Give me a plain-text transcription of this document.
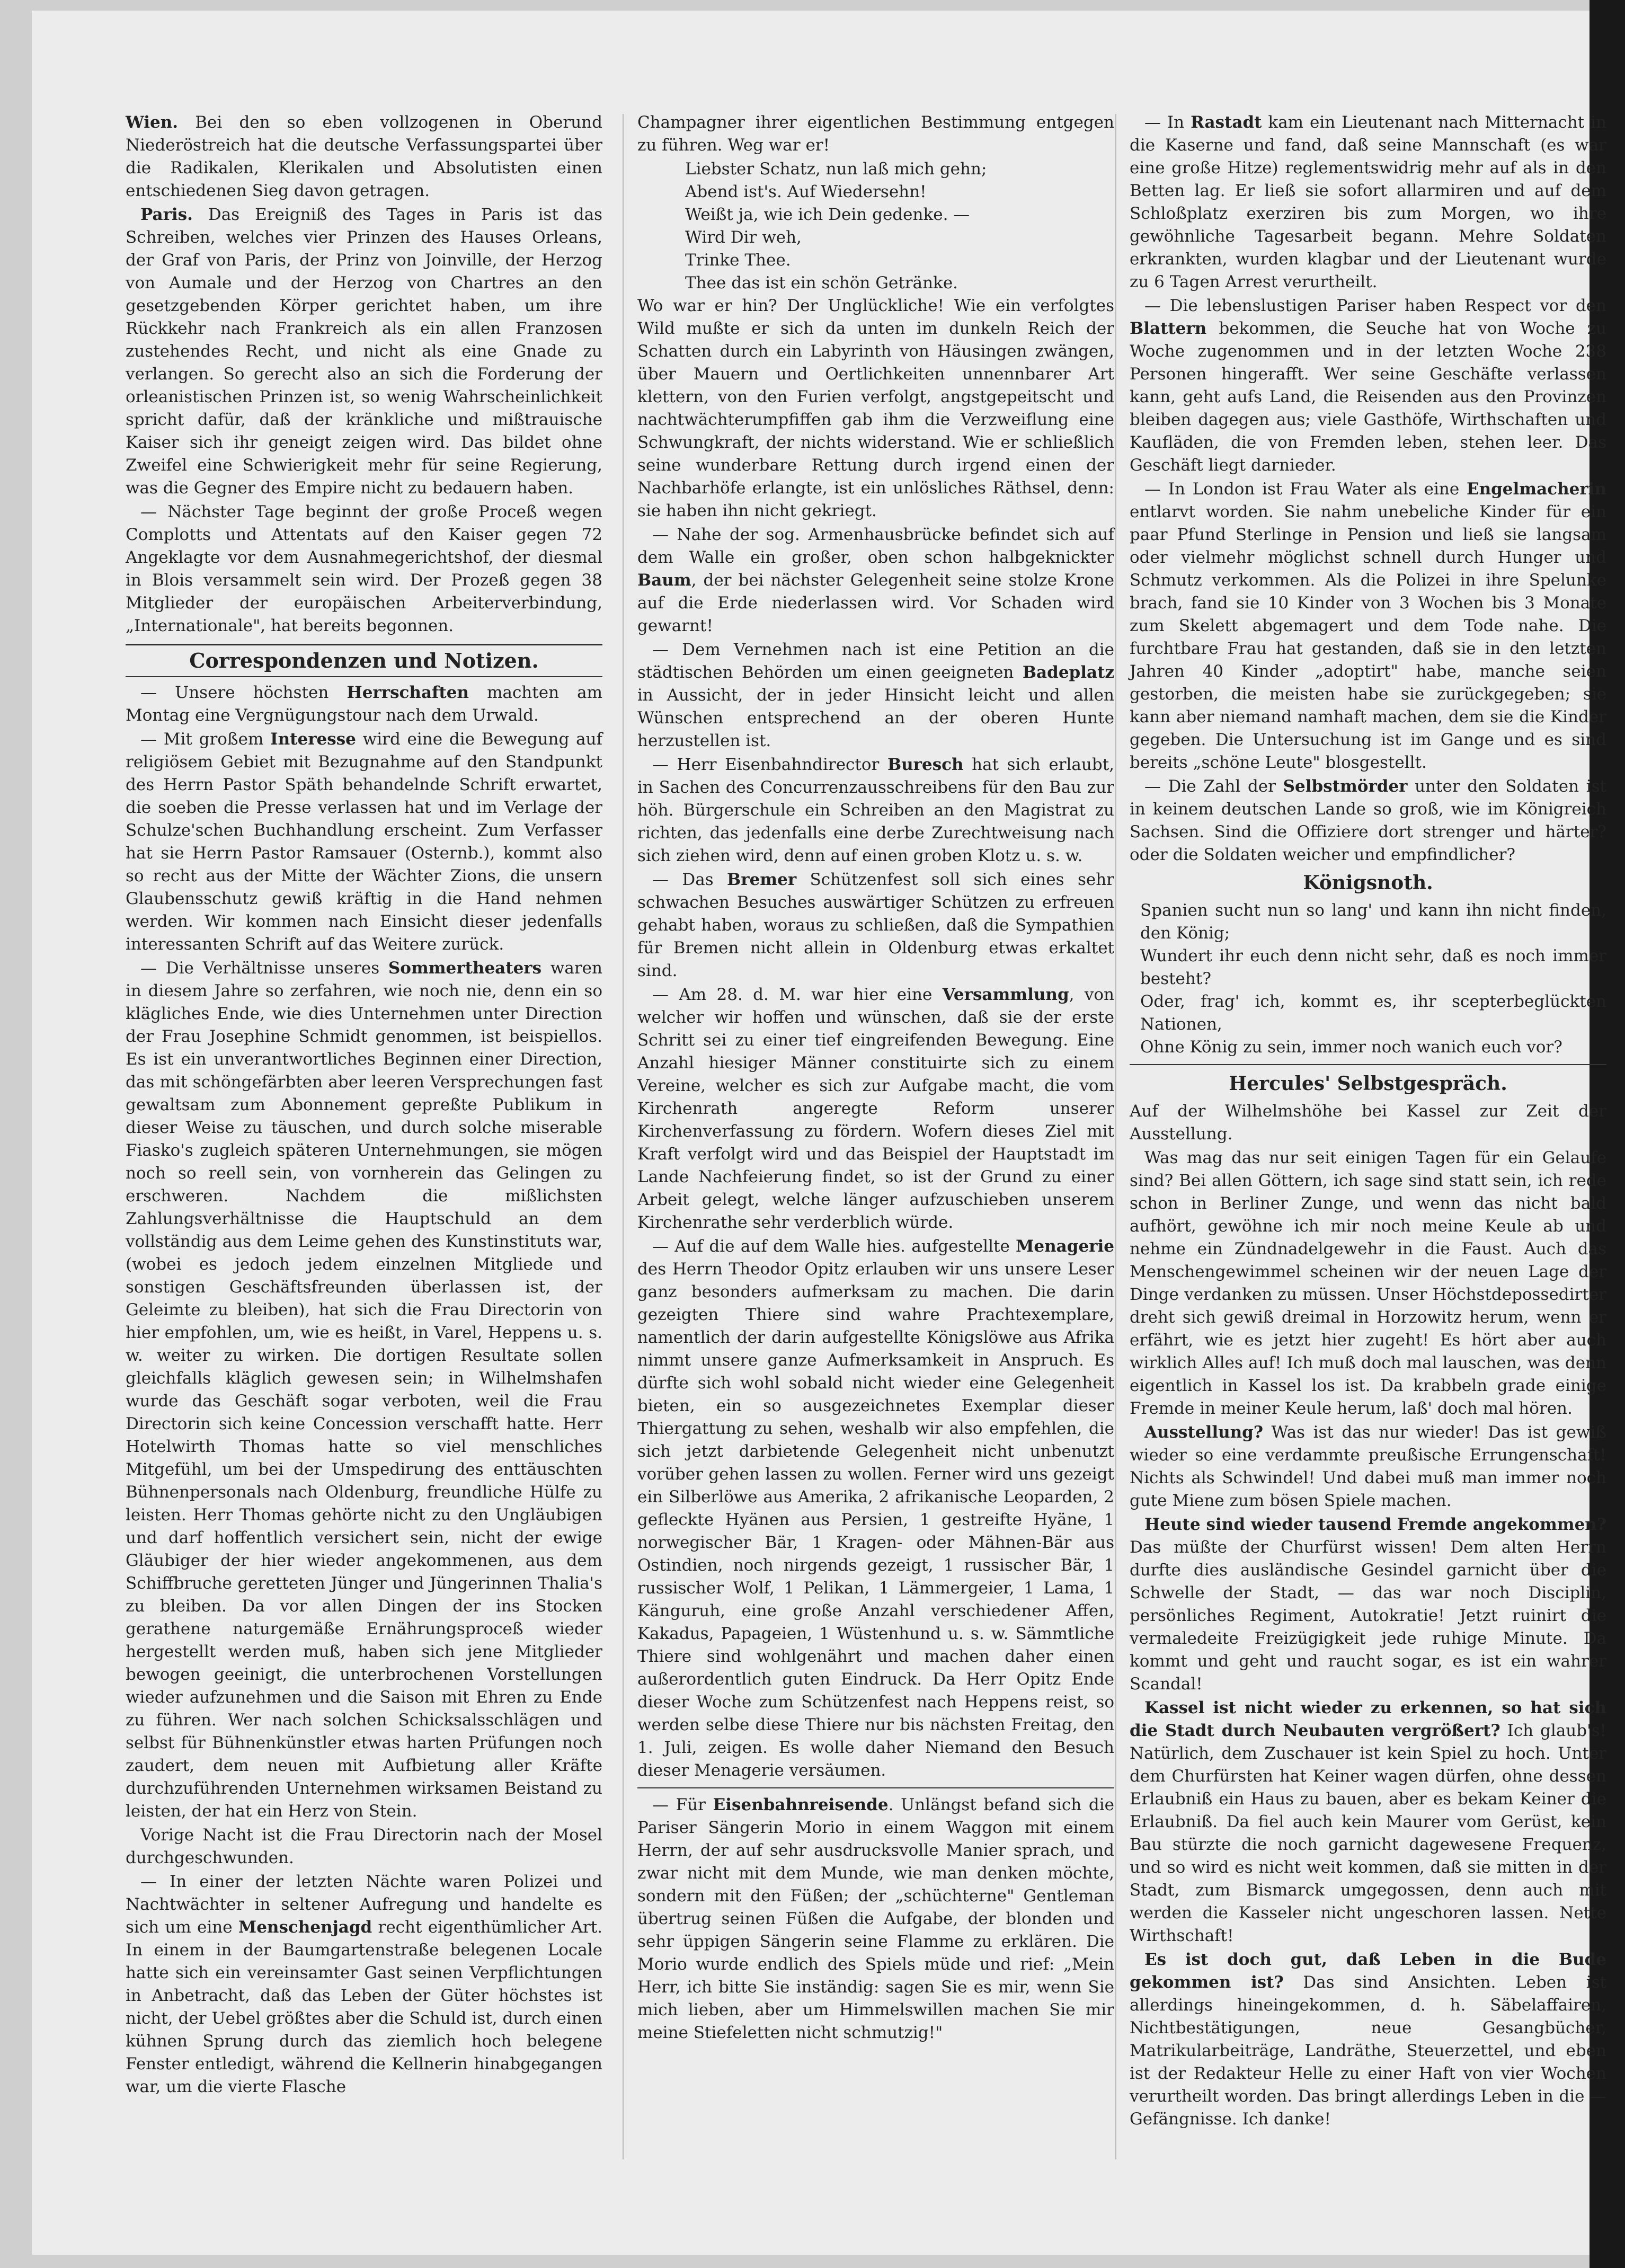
Wien. Bei den so eben vollzogenen in Oberund Niederöstreich hat die deutsche Verfassungspartei über die Radikalen, Klerikalen und Absolutisten einen entschiedenen Sieg davon getragen.

Paris. Das Ereigniß des Tages in Paris ist das Schreiben, welches vier Prinzen des Hauses Orleans, der Graf von Paris, der Prinz von Joinville, der Herzog von Aumale und der Herzog von Chartres an den gesetzgebenden Körper gerichtet haben, um ihre Rückkehr nach Frankreich als ein allen Franzosen zustehendes Recht, und nicht als eine Gnade zu verlangen. So gerecht also an sich die Forderung der orleanistischen Prinzen ist, so wenig Wahrscheinlichkeit spricht dafür, daß der kränkliche und mißtrauische Kaiser sich ihr geneigt zeigen wird. Das bildet ohne Zweifel eine Schwierigkeit mehr für seine Regierung, was die Gegner des Empire nicht zu bedauern haben.

— Nächster Tage beginnt der große Proceß wegen Complotts und Attentats auf den Kaiser gegen 72 Angeklagte vor dem Ausnahmegerichtshof, der diesmal in Blois versammelt sein wird. Der Prozeß gegen 38 Mitglieder der europäischen Arbeiterverbindung, „Internationale", hat bereits begonnen.

Correspondenzen und Notizen.

— Unsere höchsten Herrschaften machten am Montag eine Vergnügungstour nach dem Urwald.

— Mit großem Interesse wird eine die Bewegung auf religiösem Gebiet mit Bezugnahme auf den Standpunkt des Herrn Pastor Späth behandelnde Schrift erwartet, die soeben die Presse verlassen hat und im Verlage der Schulze'schen Buchhandlung erscheint. Zum Verfasser hat sie Herrn Pastor Ramsauer (Osternb.), kommt also so recht aus der Mitte der Wächter Zions, die unsern Glaubensschutz gewiß kräftig in die Hand nehmen werden. Wir kommen nach Einsicht dieser jedenfalls interessanten Schrift auf das Weitere zurück.

— Die Verhältnisse unseres Sommertheaters waren in diesem Jahre so zerfahren, wie noch nie, denn ein so klägliches Ende, wie dies Unternehmen unter Direction der Frau Josephine Schmidt genommen, ist beispiellos. Es ist ein unverantwortliches Beginnen einer Direction, das mit schöngefärbten aber leeren Versprechungen fast gewaltsam zum Abonnement gepreßte Publikum in dieser Weise zu täuschen, und durch solche miserable Fiasko's zugleich späteren Unternehmungen, sie mögen noch so reell sein, von vornherein das Gelingen zu erschweren. Nachdem die mißlichsten Zahlungsverhältnisse die Hauptschuld an dem vollständig aus dem Leime gehen des Kunstinstituts war, (wobei es jedoch jedem einzelnen Mitgliede und sonstigen Geschäftsfreunden überlassen ist, der Geleimte zu bleiben), hat sich die Frau Directorin von hier empfohlen, um, wie es heißt, in Varel, Heppens u. s. w. weiter zu wirken. Die dortigen Resultate sollen gleichfalls kläglich gewesen sein; in Wilhelmshafen wurde das Geschäft sogar verboten, weil die Frau Directorin sich keine Concession verschafft hatte. Herr Hotelwirth Thomas hatte so viel menschliches Mitgefühl, um bei der Umspedirung des enttäuschten Bühnenpersonals nach Oldenburg, freundliche Hülfe zu leisten. Herr Thomas gehörte nicht zu den Ungläubigen und darf hoffentlich versichert sein, nicht der ewige Gläubiger der hier wieder angekommenen, aus dem Schiffbruche geretteten Jünger und Jüngerinnen Thalia's zu bleiben. Da vor allen Dingen der ins Stocken gerathene naturgemäße Ernährungsproceß wieder hergestellt werden muß, haben sich jene Mitglieder bewogen geeinigt, die unterbrochenen Vorstellungen wieder aufzunehmen und die Saison mit Ehren zu Ende zu führen. Wer nach solchen Schicksalsschlägen und selbst für Bühnenkünstler etwas harten Prüfungen noch zaudert, dem neuen mit Aufbietung aller Kräfte durchzuführenden Unternehmen wirksamen Beistand zu leisten, der hat ein Herz von Stein.

Vorige Nacht ist die Frau Directorin nach der Mosel durchgeschwunden.

— In einer der letzten Nächte waren Polizei und Nachtwächter in seltener Aufregung und handelte es sich um eine Menschenjagd recht eigenthümlicher Art. In einem in der Baumgartenstraße belegenen Locale hatte sich ein vereinsamter Gast seinen Verpflichtungen in Anbetracht, daß das Leben der Güter höchstes ist nicht, der Uebel größtes aber die Schuld ist, durch einen kühnen Sprung durch das ziemlich hoch belegene Fenster entledigt, während die Kellnerin hinabgegangen war, um die vierte Flasche

Champagner ihrer eigentlichen Bestimmung entgegen zu führen. Weg war er!

Liebster Schatz, nun laß mich gehn;

Abend ist's. Auf Wiedersehn!

Weißt ja, wie ich Dein gedenke. —

Wird Dir weh,

Trinke Thee.

Thee das ist ein schön Getränke.

Wo war er hin? Der Unglückliche! Wie ein verfolgtes Wild mußte er sich da unten im dunkeln Reich der Schatten durch ein Labyrinth von Häusingen zwängen, über Mauern und Oertlichkeiten unnennbarer Art klettern, von den Furien verfolgt, angstgepeitscht und nachtwächterumpfiffen gab ihm die Verzweiflung eine Schwungkraft, der nichts widerstand. Wie er schließlich seine wunderbare Rettung durch irgend einen der Nachbarhöfe erlangte, ist ein unlösliches Räthsel, denn: sie haben ihn nicht gekriegt.

— Nahe der sog. Armenhausbrücke befindet sich auf dem Walle ein großer, oben schon halbgeknickter Baum, der bei nächster Gelegenheit seine stolze Krone auf die Erde niederlassen wird. Vor Schaden wird gewarnt!

— Dem Vernehmen nach ist eine Petition an die städtischen Behörden um einen geeigneten Badeplatz in Aussicht, der in jeder Hinsicht leicht und allen Wünschen entsprechend an der oberen Hunte herzustellen ist.

— Herr Eisenbahndirector Buresch hat sich erlaubt, in Sachen des Concurrenzausschreibens für den Bau zur höh. Bürgerschule ein Schreiben an den Magistrat zu richten, das jedenfalls eine derbe Zurechtweisung nach sich ziehen wird, denn auf einen groben Klotz u. s. w.

— Das Bremer Schützenfest soll sich eines sehr schwachen Besuches auswärtiger Schützen zu erfreuen gehabt haben, woraus zu schließen, daß die Sympathien für Bremen nicht allein in Oldenburg etwas erkaltet sind.

— Am 28. d. M. war hier eine Versammlung, von welcher wir hoffen und wünschen, daß sie der erste Schritt sei zu einer tief eingreifenden Bewegung. Eine Anzahl hiesiger Männer constituirte sich zu einem Vereine, welcher es sich zur Aufgabe macht, die vom Kirchenrath angeregte Reform unserer Kirchenverfassung zu fördern. Wofern dieses Ziel mit Kraft verfolgt wird und das Beispiel der Hauptstadt im Lande Nachfeierung findet, so ist der Grund zu einer Arbeit gelegt, welche länger aufzuschieben unserem Kirchenrathe sehr verderblich würde.

— Auf die auf dem Walle hies. aufgestellte Menagerie des Herrn Theodor Opitz erlauben wir uns unsere Leser ganz besonders aufmerksam zu machen. Die darin gezeigten Thiere sind wahre Prachtexemplare, namentlich der darin aufgestellte Königslöwe aus Afrika nimmt unsere ganze Aufmerksamkeit in Anspruch. Es dürfte sich wohl sobald nicht wieder eine Gelegenheit bieten, ein so ausgezeichnetes Exemplar dieser Thiergattung zu sehen, weshalb wir also empfehlen, die sich jetzt darbietende Gelegenheit nicht unbenutzt vorüber gehen lassen zu wollen. Ferner wird uns gezeigt ein Silberlöwe aus Amerika, 2 afrikanische Leoparden, 2 gefleckte Hyänen aus Persien, 1 gestreifte Hyäne, 1 norwegischer Bär, 1 Kragen- oder Mähnen-Bär aus Ostindien, noch nirgends gezeigt, 1 russischer Bär, 1 russischer Wolf, 1 Pelikan, 1 Lämmergeier, 1 Lama, 1 Känguruh, eine große Anzahl verschiedener Affen, Kakadus, Papageien, 1 Wüstenhund u. s. w. Sämmtliche Thiere sind wohlgenährt und machen daher einen außerordentlich guten Eindruck. Da Herr Opitz Ende dieser Woche zum Schützenfest nach Heppens reist, so werden selbe diese Thiere nur bis nächsten Freitag, den 1. Juli, zeigen. Es wolle daher Niemand den Besuch dieser Menagerie versäumen.

— Für Eisenbahnreisende. Unlängst befand sich die Pariser Sängerin Morio in einem Waggon mit einem Herrn, der auf sehr ausdrucksvolle Manier sprach, und zwar nicht mit dem Munde, wie man denken möchte, sondern mit den Füßen; der „schüchterne" Gentleman übertrug seinen Füßen die Aufgabe, der blonden und sehr üppigen Sängerin seine Flamme zu erklären. Die Morio wurde endlich des Spiels müde und rief: „Mein Herr, ich bitte Sie inständig: sagen Sie es mir, wenn Sie mich lieben, aber um Himmelswillen machen Sie mir meine Stiefeletten nicht schmutzig!"

— In Rastadt kam ein Lieutenant nach Mitternacht in die Kaserne und fand, daß seine Mannschaft (es war eine große Hitze) reglementswidrig mehr auf als in den Betten lag. Er ließ sie sofort allarmiren und auf dem Schloßplatz exerziren bis zum Morgen, wo ihre gewöhnliche Tagesarbeit begann. Mehre Soldaten erkrankten, wurden klagbar und der Lieutenant wurde zu 6 Tagen Arrest verurtheilt.

— Die lebenslustigen Pariser haben Respect vor den Blattern bekommen, die Seuche hat von Woche zu Woche zugenommen und in der letzten Woche 238 Personen hingerafft. Wer seine Geschäfte verlassen kann, geht aufs Land, die Reisenden aus den Provinzen bleiben dagegen aus; viele Gasthöfe, Wirthschaften und Kaufläden, die von Fremden leben, stehen leer. Das Geschäft liegt darnieder.

— In London ist Frau Water als eine Engelmacherin entlarvt worden. Sie nahm unebeliche Kinder für ein paar Pfund Sterlinge in Pension und ließ sie langsam oder vielmehr möglichst schnell durch Hunger und Schmutz verkommen. Als die Polizei in ihre Spelunke brach, fand sie 10 Kinder von 3 Wochen bis 3 Monate zum Skelett abgemagert und dem Tode nahe. Die furchtbare Frau hat gestanden, daß sie in den letzten Jahren 40 Kinder „adoptirt" habe, manche seien gestorben, die meisten habe sie zurückgegeben; sie kann aber niemand namhaft machen, dem sie die Kinder gegeben. Die Untersuchung ist im Gange und es sind bereits „schöne Leute" blosgestellt.

— Die Zahl der Selbstmörder unter den Soldaten ist in keinem deutschen Lande so groß, wie im Königreich Sachsen. Sind die Offiziere dort strenger und härter? oder die Soldaten weicher und empfindlicher?

Königsnoth.

Spanien sucht nun so lang' und kann ihn nicht finden, den König;

Wundert ihr euch denn nicht sehr, daß es noch immer besteht?

Oder, frag' ich, kommt es, ihr scepterbeglückten Nationen,

Ohne König zu sein, immer noch wanich euch vor?

Hercules' Selbstgespräch.

Auf der Wilhelmshöhe bei Kassel zur Zeit der Ausstellung.

Was mag das nur seit einigen Tagen für ein Gelaufe sind? Bei allen Göttern, ich sage sind statt sein, ich rede schon in Berliner Zunge, und wenn das nicht bald aufhört, gewöhne ich mir noch meine Keule ab und nehme ein Zündnadelgewehr in die Faust. Auch das Menschengewimmel scheinen wir der neuen Lage der Dinge verdanken zu müssen. Unser Höchstdepossedirter dreht sich gewiß dreimal in Horzowitz herum, wenn er erfährt, wie es jetzt hier zugeht! Es hört aber auch wirklich Alles auf! Ich muß doch mal lauschen, was denn eigentlich in Kassel los ist. Da krabbeln grade einige Fremde in meiner Keule herum, laß' doch mal hören.

Ausstellung? Was ist das nur wieder! Das ist gewiß wieder so eine verdammte preußische Errungenschaft! Nichts als Schwindel! Und dabei muß man immer noch gute Miene zum bösen Spiele machen.

Heute sind wieder tausend Fremde angekommen? Das müßte der Churfürst wissen! Dem alten Herrn durfte dies ausländische Gesindel garnicht über die Schwelle der Stadt, — das war noch Disciplin, persönliches Regiment, Autokratie! Jetzt ruinirt die vermaledeite Freizügigkeit jede ruhige Minute. Da kommt und geht und raucht sogar, es ist ein wahrer Scandal!

Kassel ist nicht wieder zu erkennen, so hat sich die Stadt durch Neubauten vergrößert? Ich glaub's! Natürlich, dem Zuschauer ist kein Spiel zu hoch. Unter dem Churfürsten hat Keiner wagen dürfen, ohne dessen Erlaubniß ein Haus zu bauen, aber es bekam Keiner die Erlaubniß. Da fiel auch kein Maurer vom Gerüst, kein Bau stürzte die noch garnicht dagewesene Frequenz, und so wird es nicht weit kommen, daß sie mitten in der Stadt, zum Bismarck umgegossen, denn auch mit werden die Kasseler nicht ungeschoren lassen. Nette Wirthschaft!

Es ist doch gut, daß Leben in die Bude gekommen ist? Das sind Ansichten. Leben ist allerdings hineingekommen, d. h. Säbelaffairen, Nichtbestätigungen, neue Gesangbücher, Matrikularbeiträge, Landräthe, Steuerzettel, und eben ist der Redakteur Helle zu einer Haft von vier Wochen verurtheilt worden. Das bringt allerdings Leben in die — Gefängnisse. Ich danke!
